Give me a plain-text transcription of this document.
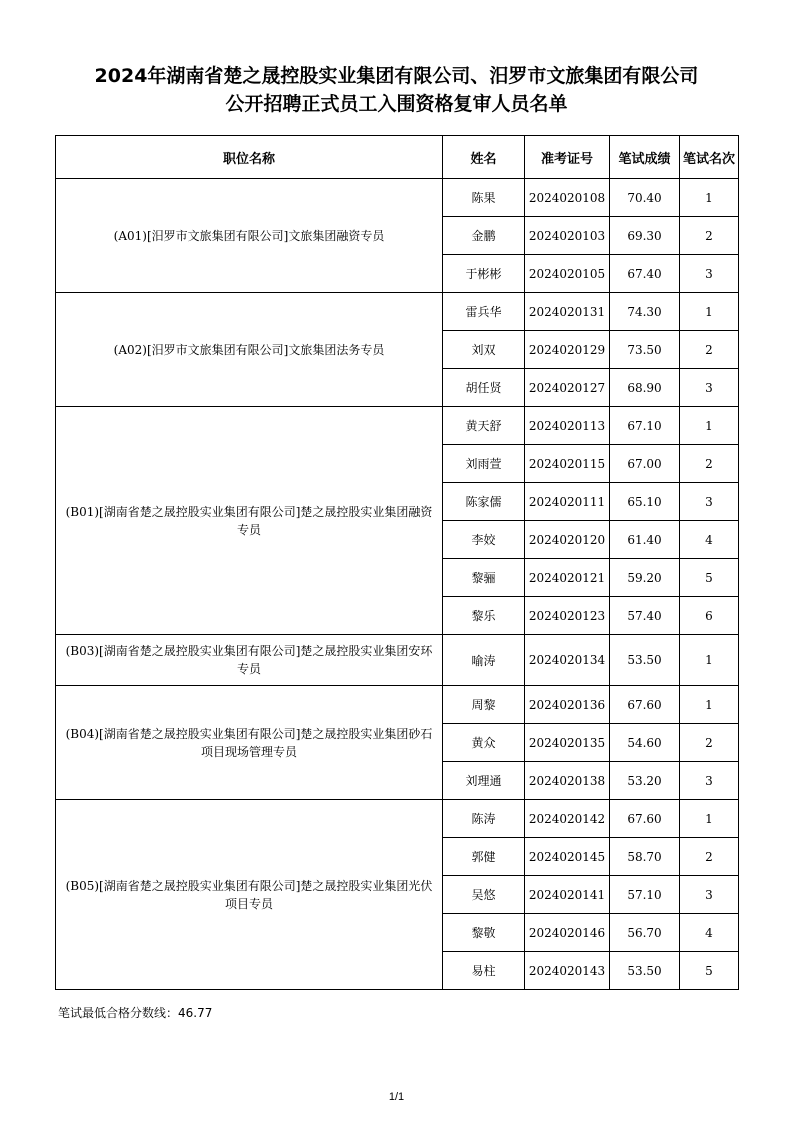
2024年湖南省楚之晟控股实业集团有限公司、汨罗市文旅集团有限公司
公开招聘正式员工入围资格复审人员名单
职位名称	姓名	准考证号	笔试成绩	笔试名次
(A01)[汨罗市文旅集团有限公司]文旅集团融资专员	陈果	2024020108	70.40	1
	金鹏	2024020103	69.30	2
	于彬彬	2024020105	67.40	3
(A02)[汨罗市文旅集团有限公司]文旅集团法务专员	雷兵华	2024020131	74.30	1
	刘双	2024020129	73.50	2
	胡任贤	2024020127	68.90	3
(B01)[湖南省楚之晟控股实业集团有限公司]楚之晟控股实业集团融资专员	黄天舒	2024020113	67.10	1
	刘雨萱	2024020115	67.00	2
	陈家儒	2024020111	65.10	3
	李姣	2024020120	61.40	4
	黎骊	2024020121	59.20	5
	黎乐	2024020123	57.40	6
(B03)[湖南省楚之晟控股实业集团有限公司]楚之晟控股实业集团安环专员	喻涛	2024020134	53.50	1
(B04)[湖南省楚之晟控股实业集团有限公司]楚之晟控股实业集团砂石项目现场管理专员	周黎	2024020136	67.60	1
	黄众	2024020135	54.60	2
	刘理通	2024020138	53.20	3
(B05)[湖南省楚之晟控股实业集团有限公司]楚之晟控股实业集团光伏项目专员	陈涛	2024020142	67.60	1
	郭健	2024020145	58.70	2
	吴悠	2024020141	57.10	3
	黎敬	2024020146	56.70	4
	易柱	2024020143	53.50	5
笔试最低合格分数线：46.77
1/1
